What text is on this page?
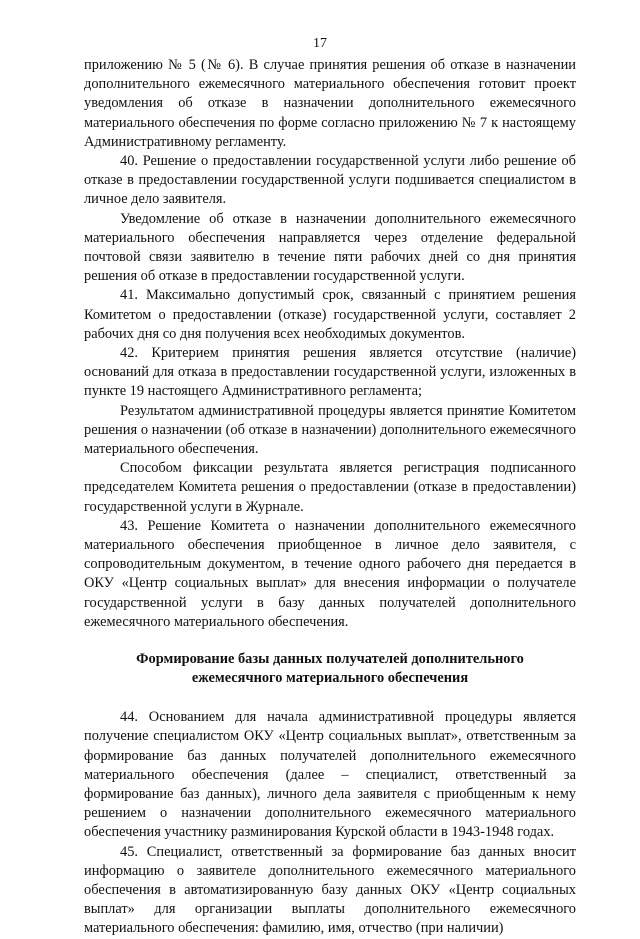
17

приложению № 5 (№ 6). В случае принятия решения об отказе в назначении дополнительного ежемесячного материального обеспечения готовит проект уведомления об отказе в назначении дополнительного ежемесячного материального обеспечения по форме согласно приложению № 7 к настоящему Административному регламенту.

40. Решение о предоставлении государственной услуги либо решение об отказе в предоставлении государственной услуги подшивается специалистом в личное дело заявителя.

Уведомление об отказе в назначении дополнительного ежемесячного материального обеспечения направляется через отделение федеральной почтовой связи заявителю в течение пяти рабочих дней со дня принятия решения об отказе в предоставлении государственной услуги.

41. Максимально допустимый срок, связанный с принятием решения Комитетом о предоставлении (отказе) государственной услуги, составляет 2 рабочих дня со дня получения всех необходимых документов.

42. Критерием принятия решения является отсутствие (наличие) оснований для отказа в предоставлении государственной услуги, изложенных в пункте 19 настоящего Административного регламента;

Результатом административной процедуры является принятие Комитетом решения о назначении (об отказе в назначении) дополнительного ежемесячного материального обеспечения.

Способом фиксации результата является регистрация подписанного председателем Комитета решения о предоставлении (отказе в предоставлении) государственной услуги в Журнале.

43. Решение Комитета о назначении дополнительного ежемесячного материального обеспечения приобщенное в личное дело заявителя, с сопроводительным документом, в течение одного рабочего дня передается в ОКУ «Центр социальных выплат» для внесения информации о получателе государственной услуги в базу данных получателей дополнительного ежемесячного материального обеспечения.

Формирование базы данных получателей дополнительного
ежемесячного материального обеспечения

44. Основанием для начала административной процедуры является получение специалистом ОКУ «Центр социальных выплат», ответственным за формирование баз данных получателей дополнительного ежемесячного материального обеспечения (далее – специалист, ответственный за формирование баз данных), личного дела заявителя с приобщенным к нему решением о назначении дополнительного ежемесячного материального обеспечения участнику разминирования Курской области в 1943-1948 годах.

45. Специалист, ответственный за формирование баз данных вносит информацию о заявителе дополнительного ежемесячного материального обеспечения в автоматизированную базу данных ОКУ «Центр социальных выплат» для организации выплаты дополнительного ежемесячного материального обеспечения: фамилию, имя, отчество (при наличии)
